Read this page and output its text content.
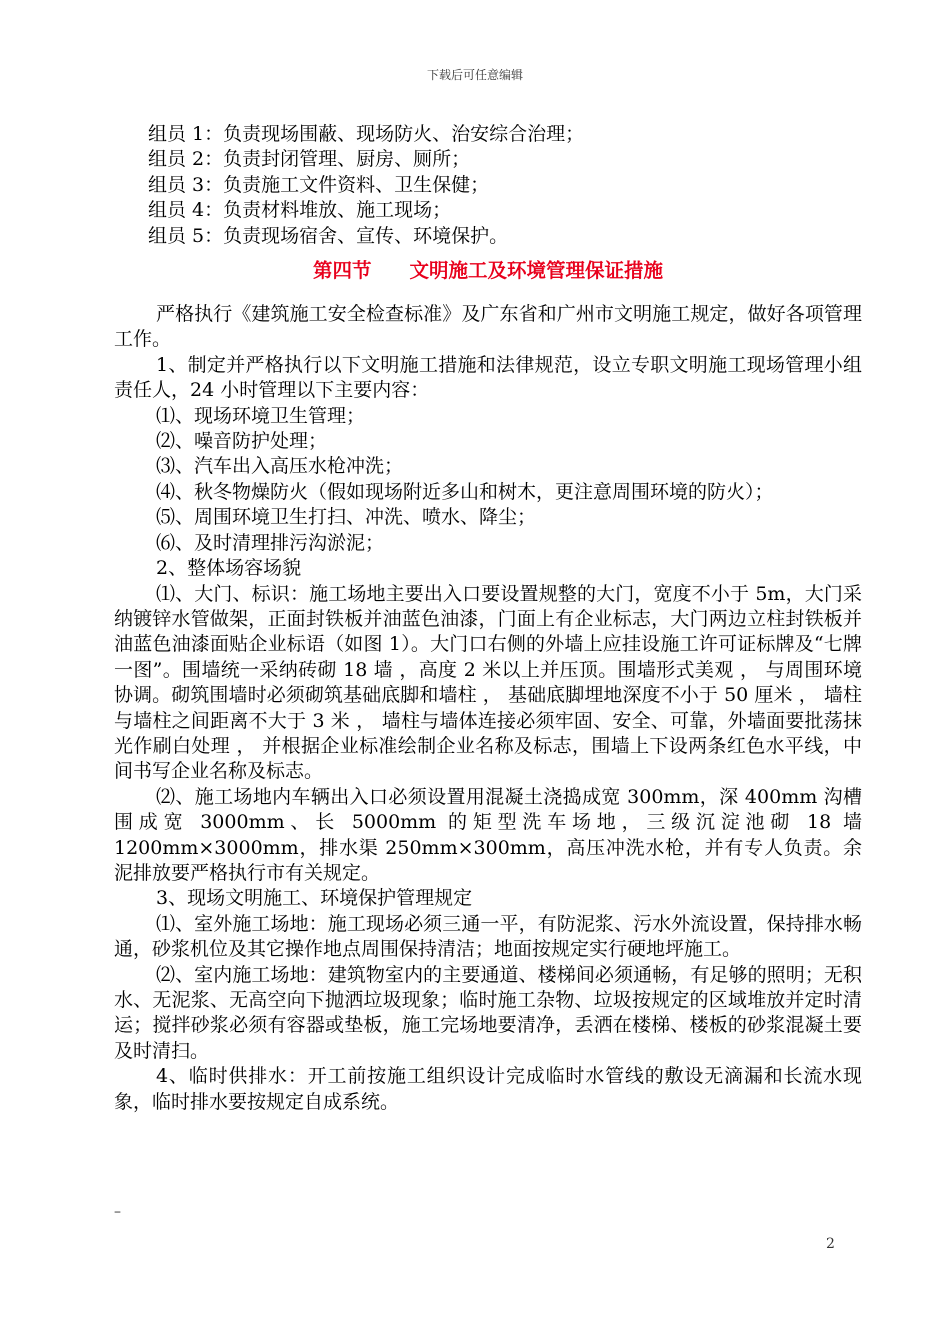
下载后可任意编辑

组员 1：负责现场围蔽、现场防火、治安综合治理；

组员 2：负责封闭管理、厨房、厕所；

组员 3：负责施工文件资料、卫生保健；

组员 4：负责材料堆放、施工现场；

组员 5：负责现场宿舍、宣传、环境保护。

第四节 文明施工及环境管理保证措施

严格执行《建筑施工安全检查标准》及广东省和广州市文明施工规定，做好各项管理工作。

1、制定并严格执行以下文明施工措施和法律规范，设立专职文明施工现场管理小组责任人，24 小时管理以下主要内容：

⑴、现场环境卫生管理；

⑵、噪音防护处理；

⑶、汽车出入高压水枪冲洗；

⑷、秋冬物燥防火（假如现场附近多山和树木，更注意周围环境的防火）；

⑸、周围环境卫生打扫、冲洗、喷水、降尘；

⑹、及时清理排污沟淤泥；

2、整体场容场貌

⑴、大门、标识：施工场地主要出入口要设置规整的大门，宽度不小于 5m，大门采纳镀锌水管做架，正面封铁板并油蓝色油漆，门面上有企业标志，大门两边立柱封铁板并油蓝色油漆面贴企业标语（如图 1）。大门口右侧的外墙上应挂设施工许可证标牌及“七牌一图”。围墙统一采纳砖砌 18 墙 ，高度 2 米以上并压顶。围墙形式美观 ， 与周围环境协调。砌筑围墙时必须砌筑基础底脚和墙柱 ， 基础底脚埋地深度不小于 50 厘米 ， 墙柱与墙柱之间距离不大于 3 米 ， 墙柱与墙体连接必须牢固、安全、可靠，外墙面要批荡抹光作刷白处理 ， 并根据企业标准绘制企业名称及标志，围墙上下设两条红色水平线，中间书写企业名称及标志。

⑵、施工场地内车辆出入口必须设置用混凝土浇捣成宽 300mm，深 400mm 沟槽围成宽 3000mm、长 5000mm 的矩型洗车场地，三级沉淀池砌 18 墙 1200mm×3000mm，排水渠 250mm×300mm，高压冲洗水枪，并有专人负责。余泥排放要严格执行市有关规定。

3、现场文明施工、环境保护管理规定

⑴、室外施工场地：施工现场必须三通一平，有防泥浆、污水外流设置，保持排水畅通，砂浆机位及其它操作地点周围保持清洁；地面按规定实行硬地坪施工。

⑵、室内施工场地：建筑物室内的主要通道、楼梯间必须通畅，有足够的照明；无积水、无泥浆、无高空向下抛洒垃圾现象；临时施工杂物、垃圾按规定的区域堆放并定时清运；搅拌砂浆必须有容器或垫板，施工完场地要清净，丢洒在楼梯、楼板的砂浆混凝土要及时清扫。

4、临时供排水：开工前按施工组织设计完成临时水管线的敷设无滴漏和长流水现象，临时排水要按规定自成系统。

–
2
